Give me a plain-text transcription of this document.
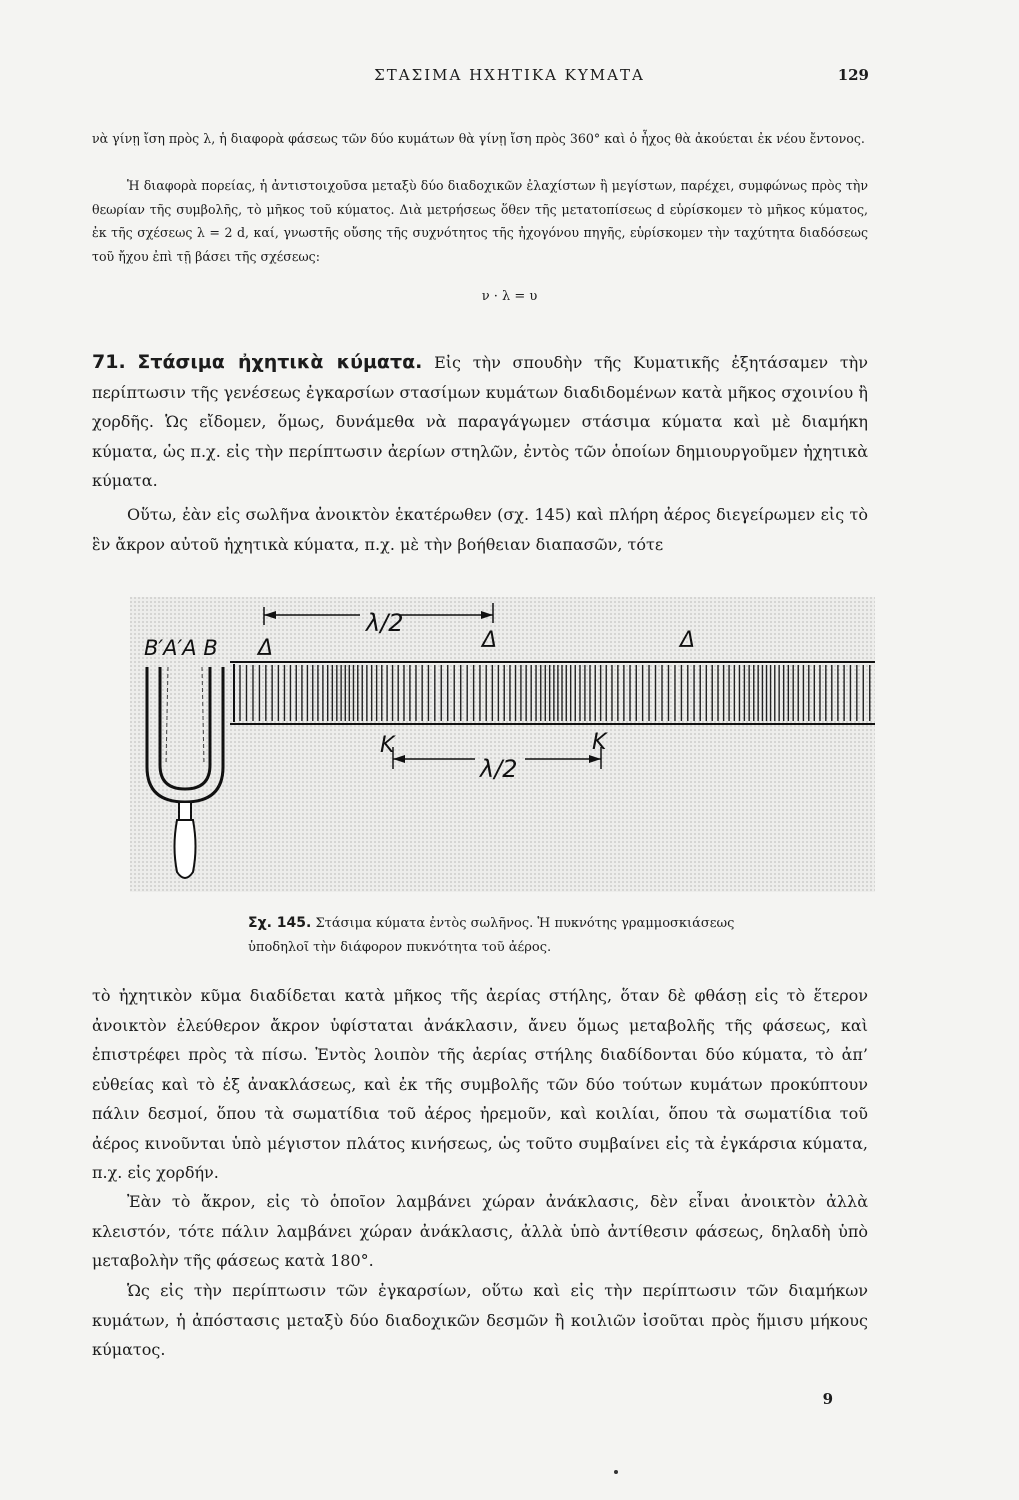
ΣΤΑΣΙΜΑ ΗΧΗΤΙΚΑ ΚΥΜΑΤΑ	129

νὰ γίνῃ ἴση πρὸς λ, ἡ διαφορὰ φάσεως τῶν δύο κυμάτων θὰ γίνῃ ἴση πρὸς 360° καὶ ὁ ἦχος θὰ ἀκούεται ἐκ νέου ἔντονος.

Ἡ διαφορὰ πορείας, ἡ ἀντιστοιχοῦσα μεταξὺ δύο διαδοχικῶν ἐλαχίστων ἢ μεγίστων, παρέχει, συμφώνως πρὸς τὴν θεωρίαν τῆς συμβολῆς, τὸ μῆκος τοῦ κύματος. Διὰ μετρήσεως ὅθεν τῆς μετατοπίσεως d εὑρίσκομεν τὸ μῆκος κύματος, ἐκ τῆς σχέσεως λ = 2 d, καί, γνωστῆς οὔσης τῆς συχνότητος τῆς ἠχογόνου πηγῆς, εὑρίσκομεν τὴν ταχύτητα διαδόσεως τοῦ ἤχου ἐπὶ τῇ βάσει τῆς σχέσεως:

ν · λ = υ

71. Στάσιμα ἠχητικὰ κύματα. Εἰς τὴν σπουδὴν τῆς Κυματικῆς ἐξητάσαμεν τὴν περίπτωσιν τῆς γενέσεως ἐγκαρσίων στασίμων κυμάτων διαδιδομένων κατὰ μῆκος σχοινίου ἢ χορδῆς. Ὡς εἴδομεν, ὅμως, δυνάμεθα νὰ παραγάγωμεν στάσιμα κύματα καὶ μὲ διαμήκη κύματα, ὡς π.χ. εἰς τὴν περίπτωσιν ἀερίων στηλῶν, ἐντὸς τῶν ὁποίων δημιουργοῦμεν ἠχητικὰ κύματα.

Οὕτω, ἐὰν εἰς σωλῆνα ἀνοικτὸν ἑκατέρωθεν (σχ. 145) καὶ πλήρη ἀέρος διεγείρωμεν εἰς τὸ ἓν ἄκρον αὐτοῦ ἠχητικὰ κύματα, π.χ. μὲ τὴν βοήθειαν διαπασῶν, τότε

B′A′A B Δ	Δ	Δ
K	K
λ/2
λ/2

Σχ. 145. Στάσιμα κύματα ἐντὸς σωλῆνος. Ἡ πυκνότης γραμμοσκιάσεως
ὑποδηλοῖ τὴν διάφορον πυκνότητα τοῦ ἀέρος.

τὸ ἠχητικὸν κῦμα διαδίδεται κατὰ μῆκος τῆς ἀερίας στήλης, ὅταν δὲ φθάσῃ εἰς τὸ ἕτερον ἀνοικτὸν ἐλεύθερον ἄκρον ὑφίσταται ἀνάκλασιν, ἄνευ ὅμως μεταβολῆς τῆς φάσεως, καὶ ἐπιστρέφει πρὸς τὰ πίσω. Ἐντὸς λοιπὸν τῆς ἀερίας στήλης διαδίδονται δύο κύματα, τὸ ἀπ’ εὐθείας καὶ τὸ ἐξ ἀνακλάσεως, καὶ ἐκ τῆς συμβολῆς τῶν δύο τούτων κυμάτων προκύπτουν πάλιν δεσμοί, ὅπου τὰ σωματίδια τοῦ ἀέρος ἠρεμοῦν, καὶ κοιλίαι, ὅπου τὰ σωματίδια τοῦ ἀέρος κινοῦνται ὑπὸ μέγιστον πλάτος κινήσεως, ὡς τοῦτο συμβαίνει εἰς τὰ ἐγκάρσια κύματα, π.χ. εἰς χορδήν.

Ἐὰν τὸ ἄκρον, εἰς τὸ ὁποῖον λαμβάνει χώραν ἀνάκλασις, δὲν εἶναι ἀνοικτὸν ἀλλὰ κλειστόν, τότε πάλιν λαμβάνει χώραν ἀνάκλασις, ἀλλὰ ὑπὸ ἀντίθεσιν φάσεως, δηλαδὴ ὑπὸ μεταβολὴν τῆς φάσεως κατὰ 180°.

Ὡς εἰς τὴν περίπτωσιν τῶν ἐγκαρσίων, οὕτω καὶ εἰς τὴν περίπτωσιν τῶν διαμήκων κυμάτων, ἡ ἀπόστασις μεταξὺ δύο διαδοχικῶν δεσμῶν ἢ κοιλιῶν ἰσοῦται πρὸς ἥμισυ μήκους κύματος.

9
